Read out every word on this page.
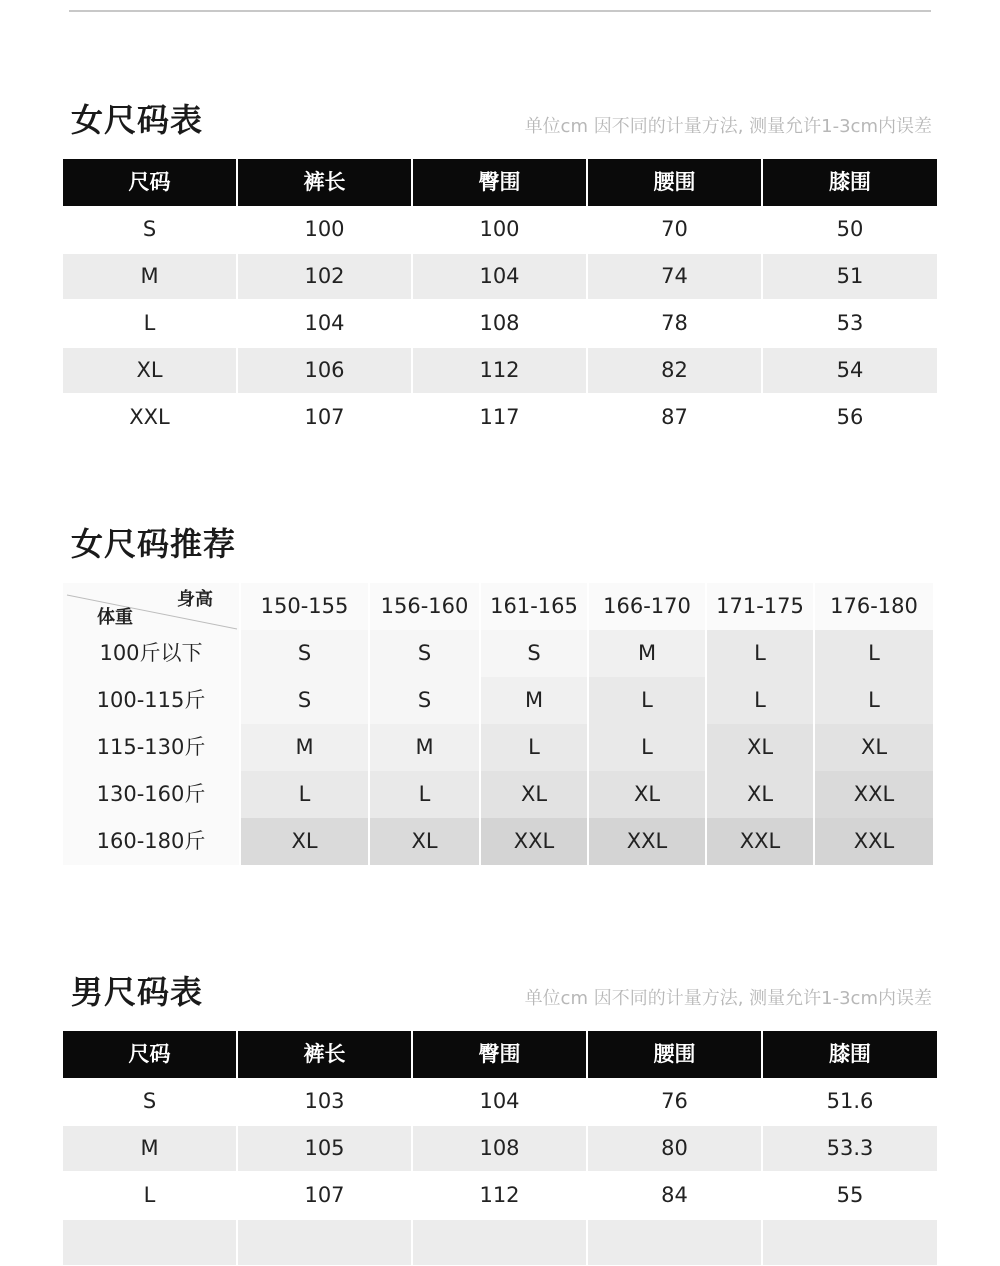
女尺码表	单位cm 因不同的计量方法, 测量允许1-3cm内误差
尺码	裤长	臀围	腰围	膝围
S	100	100	70	50
M	102	104	74	51
L	104	108	78	53
XL	106	112	82	54
XXL	107	117	87	56
女尺码推荐
身高
体重	150-155	156-160	161-165	166-170	171-175	176-180
100斤以下	S	S	S	M	L	L
100-115斤	S	S	M	L	L	L
115-130斤	M	M	L	L	XL	XL
130-160斤	L	L	XL	XL	XL	XXL
160-180斤	XL	XL	XXL	XXL	XXL	XXL
男尺码表	单位cm 因不同的计量方法, 测量允许1-3cm内误差
尺码	裤长	臀围	腰围	膝围
S	103	104	76	51.6
M	105	108	80	53.3
L	107	112	84	55
